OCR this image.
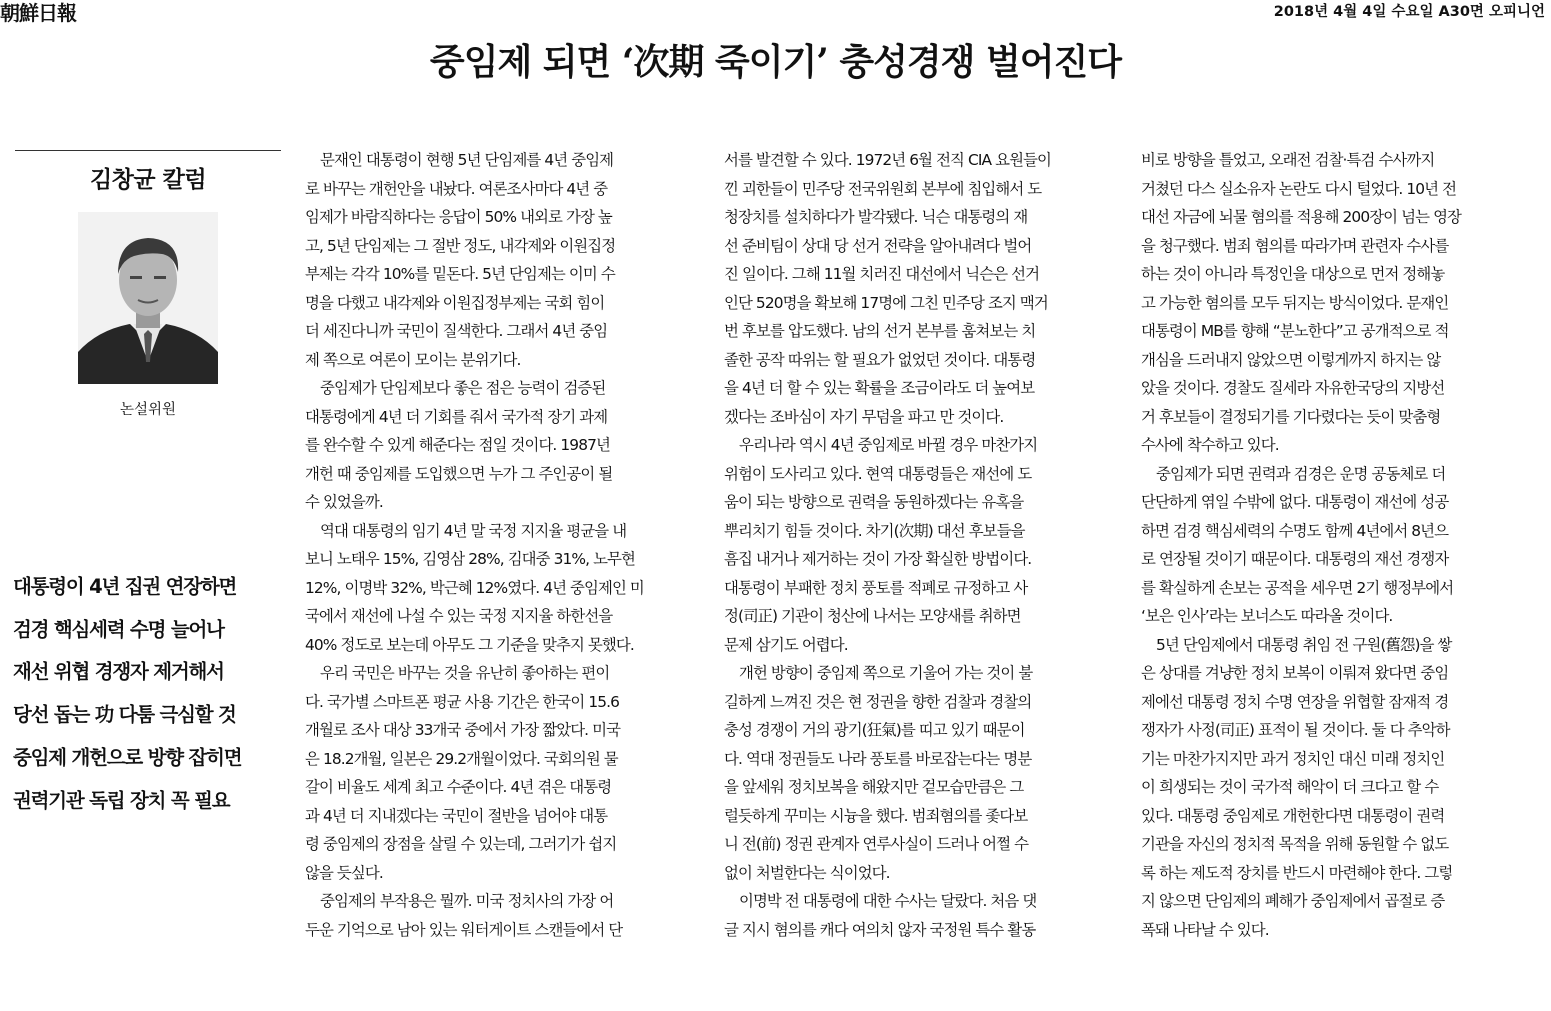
朝鮮日報	2018년 4월 4일 수요일 A30면 오피니언
중임제 되면 ‘次期 죽이기’ 충성경쟁 벌어진다
김창균 칼럼
논설위원
대통령이 4년 집권 연장하면
검경 핵심세력 수명 늘어나
재선 위협 경쟁자 제거해서
당선 돕는 功 다툼 극심할 것
중임제 개헌으로 방향 잡히면
권력기관 독립 장치 꼭 필요
문재인 대통령이 현행 5년 단임제를 4년 중임제
로 바꾸는 개헌안을 내놨다. 여론조사마다 4년 중
임제가 바람직하다는 응답이 50% 내외로 가장 높
고, 5년 단임제는 그 절반 정도, 내각제와 이원집정
부제는 각각 10%를 밑돈다. 5년 단임제는 이미 수
명을 다했고 내각제와 이원집정부제는 국회 힘이
더 세진다니까 국민이 질색한다. 그래서 4년 중임
제 쪽으로 여론이 모이는 분위기다.
중임제가 단임제보다 좋은 점은 능력이 검증된
대통령에게 4년 더 기회를 줘서 국가적 장기 과제
를 완수할 수 있게 해준다는 점일 것이다. 1987년
개헌 때 중임제를 도입했으면 누가 그 주인공이 될
수 있었을까.
역대 대통령의 임기 4년 말 국정 지지율 평균을 내
보니 노태우 15%, 김영삼 28%, 김대중 31%, 노무현
12%, 이명박 32%, 박근혜 12%였다. 4년 중임제인 미
국에서 재선에 나설 수 있는 국정 지지율 하한선을
40% 정도로 보는데 아무도 그 기준을 맞추지 못했다.
우리 국민은 바꾸는 것을 유난히 좋아하는 편이
다. 국가별 스마트폰 평균 사용 기간은 한국이 15.6
개월로 조사 대상 33개국 중에서 가장 짧았다. 미국
은 18.2개월, 일본은 29.2개월이었다. 국회의원 물
갈이 비율도 세계 최고 수준이다. 4년 겪은 대통령
과 4년 더 지내겠다는 국민이 절반을 넘어야 대통
령 중임제의 장점을 살릴 수 있는데, 그러기가 쉽지
않을 듯싶다.
중임제의 부작용은 뭘까. 미국 정치사의 가장 어
두운 기억으로 남아 있는 워터게이트 스캔들에서 단
서를 발견할 수 있다. 1972년 6월 전직 CIA 요원들이
낀 괴한들이 민주당 전국위원회 본부에 침입해서 도
청장치를 설치하다가 발각됐다. 닉슨 대통령의 재
선 준비팀이 상대 당 선거 전략을 알아내려다 벌어
진 일이다. 그해 11월 치러진 대선에서 닉슨은 선거
인단 520명을 확보해 17명에 그친 민주당 조지 맥거
번 후보를 압도했다. 남의 선거 본부를 훔쳐보는 치
졸한 공작 따위는 할 필요가 없었던 것이다. 대통령
을 4년 더 할 수 있는 확률을 조금이라도 더 높여보
겠다는 조바심이 자기 무덤을 파고 만 것이다.
우리나라 역시 4년 중임제로 바뀔 경우 마찬가지
위험이 도사리고 있다. 현역 대통령들은 재선에 도
움이 되는 방향으로 권력을 동원하겠다는 유혹을
뿌리치기 힘들 것이다. 차기(次期) 대선 후보들을
흠집 내거나 제거하는 것이 가장 확실한 방법이다.
대통령이 부패한 정치 풍토를 적폐로 규정하고 사
정(司正) 기관이 청산에 나서는 모양새를 취하면
문제 삼기도 어렵다.
개헌 방향이 중임제 쪽으로 기울어 가는 것이 불
길하게 느껴진 것은 현 정권을 향한 검찰과 경찰의
충성 경쟁이 거의 광기(狂氣)를 띠고 있기 때문이
다. 역대 정권들도 나라 풍토를 바로잡는다는 명분
을 앞세워 정치보복을 해왔지만 겉모습만큼은 그
럴듯하게 꾸미는 시늉을 했다. 범죄혐의를 좇다보
니 전(前) 정권 관계자 연루사실이 드러나 어쩔 수
없이 처벌한다는 식이었다.
이명박 전 대통령에 대한 수사는 달랐다. 처음 댓
글 지시 혐의를 캐다 여의치 않자 국정원 특수 활동
비로 방향을 틀었고, 오래전 검찰·특검 수사까지
거쳤던 다스 실소유자 논란도 다시 털었다. 10년 전
대선 자금에 뇌물 혐의를 적용해 200장이 넘는 영장
을 청구했다. 범죄 혐의를 따라가며 관련자 수사를
하는 것이 아니라 특정인을 대상으로 먼저 정해놓
고 가능한 혐의를 모두 뒤지는 방식이었다. 문재인
대통령이 MB를 향해 “분노한다”고 공개적으로 적
개심을 드러내지 않았으면 이렇게까지 하지는 않
았을 것이다. 경찰도 질세라 자유한국당의 지방선
거 후보들이 결정되기를 기다렸다는 듯이 맞춤형
수사에 착수하고 있다.
중임제가 되면 권력과 검경은 운명 공동체로 더
단단하게 엮일 수밖에 없다. 대통령이 재선에 성공
하면 검경 핵심세력의 수명도 함께 4년에서 8년으
로 연장될 것이기 때문이다. 대통령의 재선 경쟁자
를 확실하게 손보는 공적을 세우면 2기 행정부에서
‘보은 인사’라는 보너스도 따라올 것이다.
5년 단임제에서 대통령 취임 전 구원(舊怨)을 쌓
은 상대를 겨냥한 정치 보복이 이뤄져 왔다면 중임
제에선 대통령 정치 수명 연장을 위협할 잠재적 경
쟁자가 사정(司正) 표적이 될 것이다. 둘 다 추악하
기는 마찬가지지만 과거 정치인 대신 미래 정치인
이 희생되는 것이 국가적 해악이 더 크다고 할 수
있다. 대통령 중임제로 개헌한다면 대통령이 권력
기관을 자신의 정치적 목적을 위해 동원할 수 없도
록 하는 제도적 장치를 반드시 마련해야 한다. 그렇
지 않으면 단임제의 폐해가 중임제에서 곱절로 증
폭돼 나타날 수 있다.
